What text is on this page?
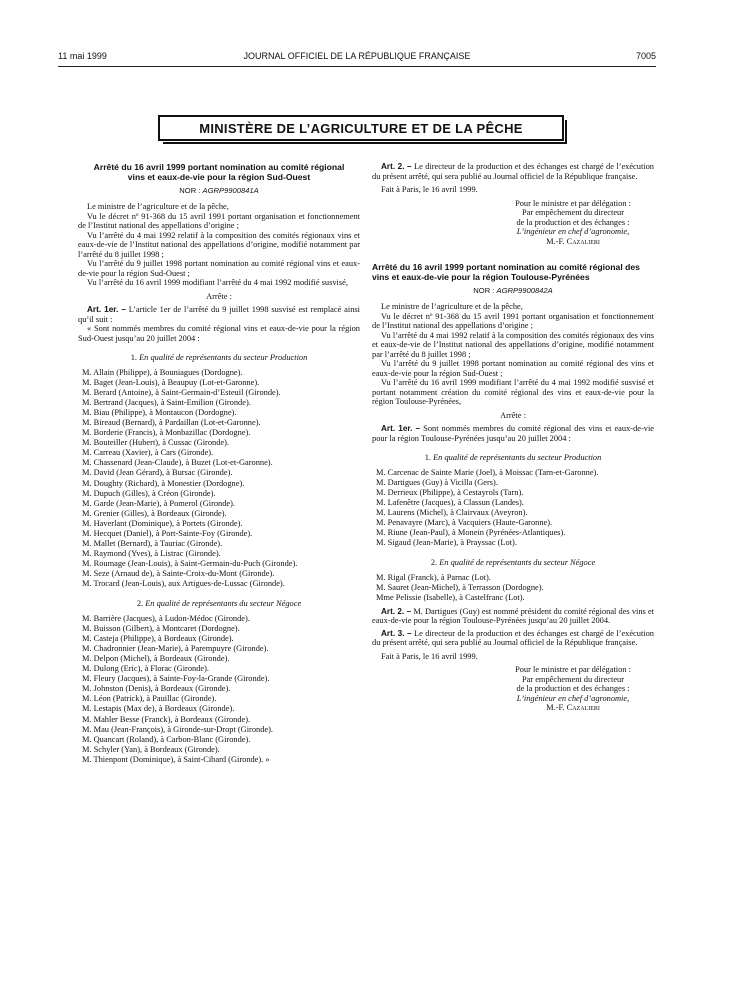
11 mai 1999	JOURNAL OFFICIEL DE LA RÉPUBLIQUE FRANÇAISE	7005
MINISTÈRE DE L’AGRICULTURE ET DE LA PÊCHE
Arrêté du 16 avril 1999 portant nomination au comité régional vins et eaux-de-vie pour la région Sud-Ouest
NOR : AGRP9900841A

Le ministre de l’agriculture et de la pêche,

Vu le décret nº 91-368 du 15 avril 1991 portant organisation et fonctionnement de l’Institut national des appellations d’origine ;

Vu l’arrêté du 4 mai 1992 relatif à la composition des comités régionaux vins et eaux-de-vie de l’Institut national des appellations d’origine, modifié notamment par l’arrêté du 8 juillet 1998 ;

Vu l’arrêté du 9 juillet 1998 portant nomination au comité régional vins et eaux-de-vie pour la région Sud-Ouest ;

Vu l’arrêté du 16 avril 1999 modifiant l’arrêté du 4 mai 1992 modifié susvisé,

Arrête :

Art. 1er. – L’article 1er de l’arrêté du 9 juillet 1998 susvisé est remplacé ainsi qu’il suit :

« Sont nommés membres du comité régional vins et eaux-de-vie pour la région Sud-Ouest jusqu’au 20 juillet 2004 :

1. En qualité de représentants du secteur Production
M. Allain (Philippe), à Bouniagues (Dordogne).
M. Baget (Jean-Louis), à Beaupuy (Lot-et-Garonne).
M. Berard (Antoine), à Saint-Germain-d’Esteuil (Gironde).
M. Bertrand (Jacques), à Saint-Emilion (Gironde).
M. Biau (Philippe), à Montaucon (Dordogne).
M. Bireaud (Bernard), à Pardaillan (Lot-et-Garonne).
M. Borderie (Francis), à Monbazillac (Dordogne).
M. Bouteiller (Hubert), à Cussac (Gironde).
M. Carreau (Xavier), à Cars (Gironde).
M. Chassenard (Jean-Claude), à Buzet (Lot-et-Garonne).
M. David (Jean Gérard), à Bursac (Gironde).
M. Doughty (Richard), à Monestier (Dordogne).
M. Dupuch (Gilles), à Créon (Gironde).
M. Garde (Jean-Marie), à Pomerol (Gironde).
M. Grenier (Gilles), à Bordeaux (Gironde).
M. Haverlant (Dominique), à Portets (Gironde).
M. Hecquet (Daniel), à Port-Sainte-Foy (Gironde).
M. Mallet (Bernard), à Tauriac (Gironde).
M. Raymond (Yves), à Listrac (Gironde).
M. Roumage (Jean-Louis), à Saint-Germain-du-Puch (Gironde).
M. Seze (Arnaud de), à Sainte-Croix-du-Mont (Gironde).
M. Trocard (Jean-Louis), aux Artigues-de-Lussac (Gironde).
2. En qualité de représentants du secteur Négoce
M. Barrière (Jacques), à Ludon-Médoc (Gironde).
M. Buisson (Gilbert), à Montcaret (Dordogne).
M. Casteja (Philippe), à Bordeaux (Gironde).
M. Chadronnier (Jean-Marie), à Parempuyre (Gironde).
M. Delpon (Michel), à Bordeaux (Gironde).
M. Dulong (Eric), à Florac (Gironde).
M. Fleury (Jacques), à Sainte-Foy-la-Grande (Gironde).
M. Johnston (Denis), à Bordeaux (Gironde).
M. Léon (Patrick), à Pauillac (Gironde).
M. Lestapis (Max de), à Bordeaux (Gironde).
M. Mahler Besse (Franck), à Bordeaux (Gironde).
M. Mau (Jean-François), à Gironde-sur-Dropt (Gironde).
M. Quancart (Roland), à Carbon-Blanc (Gironde).
M. Schyler (Yan), à Bordeaux (Gironde).
M. Thienpont (Dominique), à Saint-Cibard (Gironde). »

Art. 2. – Le directeur de la production et des échanges est chargé de l’exécution du présent arrêté, qui sera publié au Journal officiel de la République française.

Fait à Paris, le 16 avril 1999.

Pour le ministre et par délégation :
Par empêchement du directeur
de la production et des échanges :
L’ingénieur en chef d’agronomie,
M.-F. Cazalieri
Arrêté du 16 avril 1999 portant nomination au comité régional des vins et eaux-de-vie pour la région Toulouse-Pyrénées
NOR : AGRP9900842A

Le ministre de l’agriculture et de la pêche,

Vu le décret nº 91-368 du 15 avril 1991 portant organisation et fonctionnement de l’Institut national des appellations d’origine ;

Vu l’arrêté du 4 mai 1992 relatif à la composition des comités régionaux des vins et eaux-de-vie de l’Institut national des appellations d’origine, modifié notamment par l’arrêté du 8 juillet 1998 ;

Vu l’arrêté du 9 juillet 1998 portant nomination au comité régional des vins et eaux-de-vie pour la région Sud-Ouest ;

Vu l’arrêté du 16 avril 1999 modifiant l’arrêté du 4 mai 1992 modifié susvisé et portant notamment création du comité régional des vins et eaux-de-vie pour la région Toulouse-Pyrénées,

Arrête :

Art. 1er. – Sont nommés membres du comité régional des vins et eaux-de-vie pour la région Toulouse-Pyrénées jusqu’au 20 juillet 2004 :

1. En qualité de représentants du secteur Production
M. Carcenac de Sainte Marie (Joel), à Moissac (Tarn-et-Garonne).
M. Dartigues (Guy) à Vicilla (Gers).
M. Derrieux (Philippe), à Cestayrols (Tarn).
M. Lafenêtre (Jacques), à Classun (Landes).
M. Laurens (Michel), à Clairvaux (Aveyron).
M. Penavayre (Marc), à Vacquiers (Haute-Garonne).
M. Riune (Jean-Paul), à Monein (Pyrénées-Atlantiques).
M. Sigaud (Jean-Marie), à Prayssac (Lot).
2. En qualité de représentants du secteur Négoce
M. Rigal (Franck), à Parnac (Lot).
M. Sauret (Jean-Michel), à Terrasson (Dordogne).
Mme Pelissie (Isabelle), à Castelfranc (Lot).

Art. 2. – M. Dartigues (Guy) est nommé président du comité régional des vins et eaux-de-vie pour la région Toulouse-Pyrénées jusqu’au 20 juillet 2004.

Art. 3. – Le directeur de la production et des échanges est chargé de l’exécution du présent arrêté, qui sera publié au Journal officiel de la République française.

Fait à Paris, le 16 avril 1999.

Pour le ministre et par délégation :
Par empêchement du directeur
de la production et des échanges :
L’ingénieur en chef d’agronomie,
M.-F. Cazalieri
